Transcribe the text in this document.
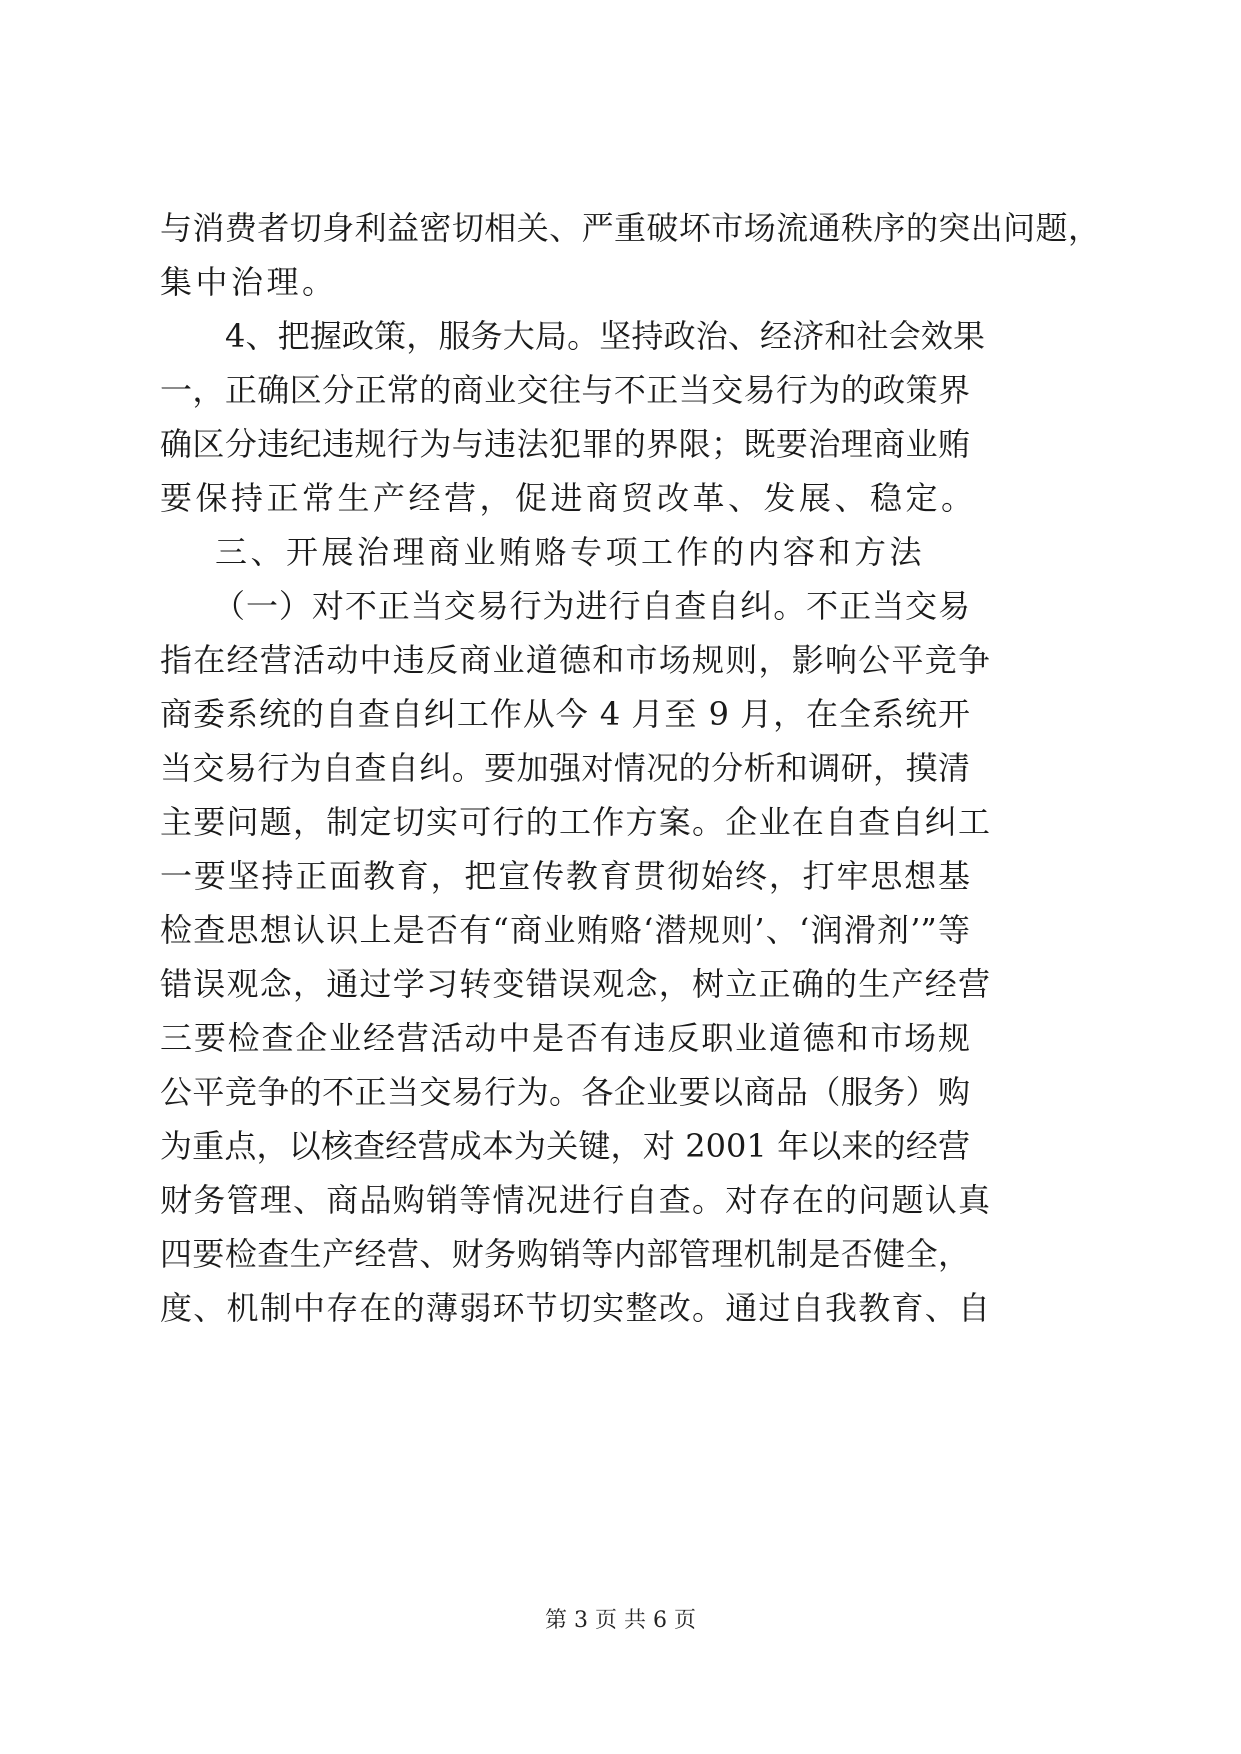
与消费者切身利益密切相关、严重破坏市场流通秩序的突出问题，
集中治理。
4、把握政策，服务大局。坚持政治、经济和社会效果
一，正确区分正常的商业交往与不正当交易行为的政策界
确区分违纪违规行为与违法犯罪的界限；既要治理商业贿
要保持正常生产经营，促进商贸改革、发展、稳定。
三、开展治理商业贿赂专项工作的内容和方法
（一）对不正当交易行为进行自查自纠。不正当交易
指在经营活动中违反商业道德和市场规则，影响公平竞争
商委系统的自查自纠工作从今 4 月至 9 月，在全系统开
当交易行为自查自纠。要加强对情况的分析和调研，摸清
主要问题，制定切实可行的工作方案。企业在自查自纠工
一要坚持正面教育，把宣传教育贯彻始终，打牢思想基
检查思想认识上是否有“商业贿赂‘潜规则’、‘润滑剂’”等
错误观念，通过学习转变错误观念，树立正确的生产经营
三要检查企业经营活动中是否有违反职业道德和市场规
公平竞争的不正当交易行为。各企业要以商品（服务）购
为重点，以核查经营成本为关键，对 2001 年以来的经营
财务管理、商品购销等情况进行自查。对存在的问题认真
四要检查生产经营、财务购销等内部管理机制是否健全，
度、机制中存在的薄弱环节切实整改。通过自我教育、自
第 3 页 共 6 页
